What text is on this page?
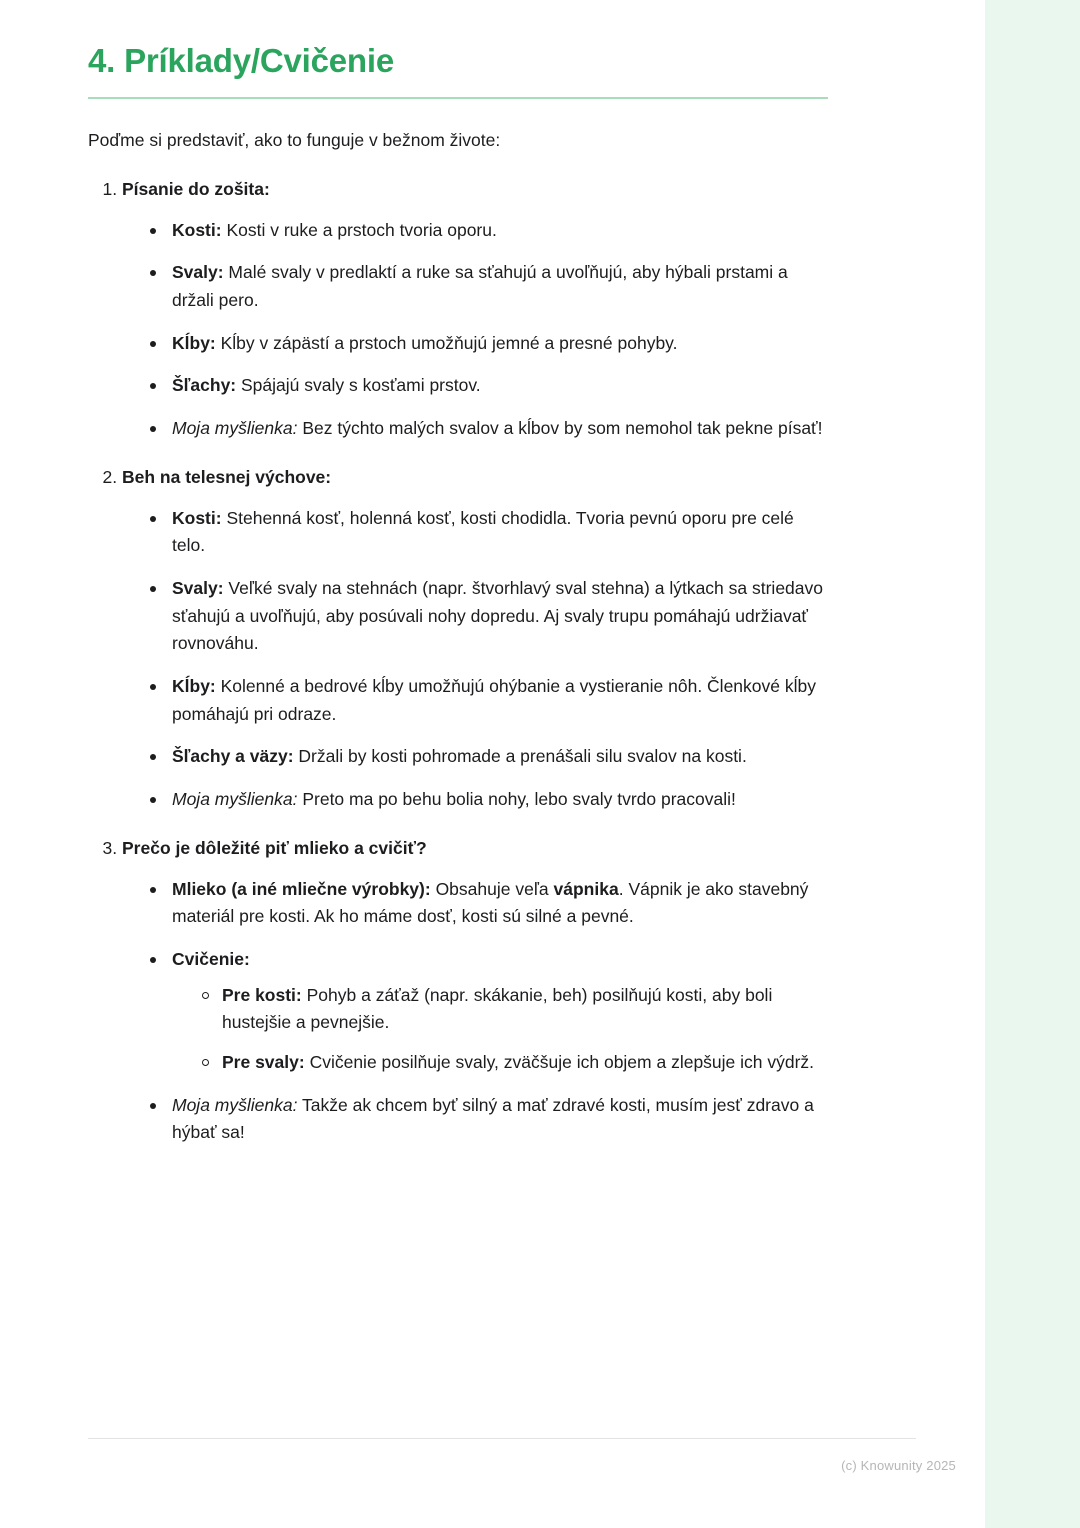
4. Príklady/Cvičenie

Poďme si predstaviť, ako to funguje v bežnom živote:

1. Písanie do zošita:
Kosti: Kosti v ruke a prstoch tvoria oporu.
Svaly: Malé svaly v predlaktí a ruke sa sťahujú a uvoľňujú, aby hýbali prstami a držali pero.
Kĺby: Kĺby v zápästí a prstoch umožňujú jemné a presné pohyby.
Šľachy: Spájajú svaly s kosťami prstov.
Moja myšlienka: Bez týchto malých svalov a kĺbov by som nemohol tak pekne písať!
2. Beh na telesnej výchove:
Kosti: Stehenná kosť, holenná kosť, kosti chodidla. Tvoria pevnú oporu pre celé telo.
Svaly: Veľké svaly na stehnách (napr. štvorhlavý sval stehna) a lýtkach sa striedavo sťahujú a uvoľňujú, aby posúvali nohy dopredu. Aj svaly trupu pomáhajú udržiavať rovnováhu.
Kĺby: Kolenné a bedrové kĺby umožňujú ohýbanie a vystieranie nôh. Členkové kĺby pomáhajú pri odraze.
Šľachy a väzy: Držali by kosti pohromade a prenášali silu svalov na kosti.
Moja myšlienka: Preto ma po behu bolia nohy, lebo svaly tvrdo pracovali!
3. Prečo je dôležité piť mlieko a cvičiť?
Mlieko (a iné mliečne výrobky): Obsahuje veľa vápnika. Vápnik je ako stavebný materiál pre kosti. Ak ho máme dosť, kosti sú silné a pevné.
Cvičenie:
Pre kosti: Pohyb a záťaž (napr. skákanie, beh) posilňujú kosti, aby boli hustejšie a pevnejšie.
Pre svaly: Cvičenie posilňuje svaly, zväčšuje ich objem a zlepšuje ich výdrž.
Moja myšlienka: Takže ak chcem byť silný a mať zdravé kosti, musím jesť zdravo a hýbať sa!
(c) Knowunity 2025
